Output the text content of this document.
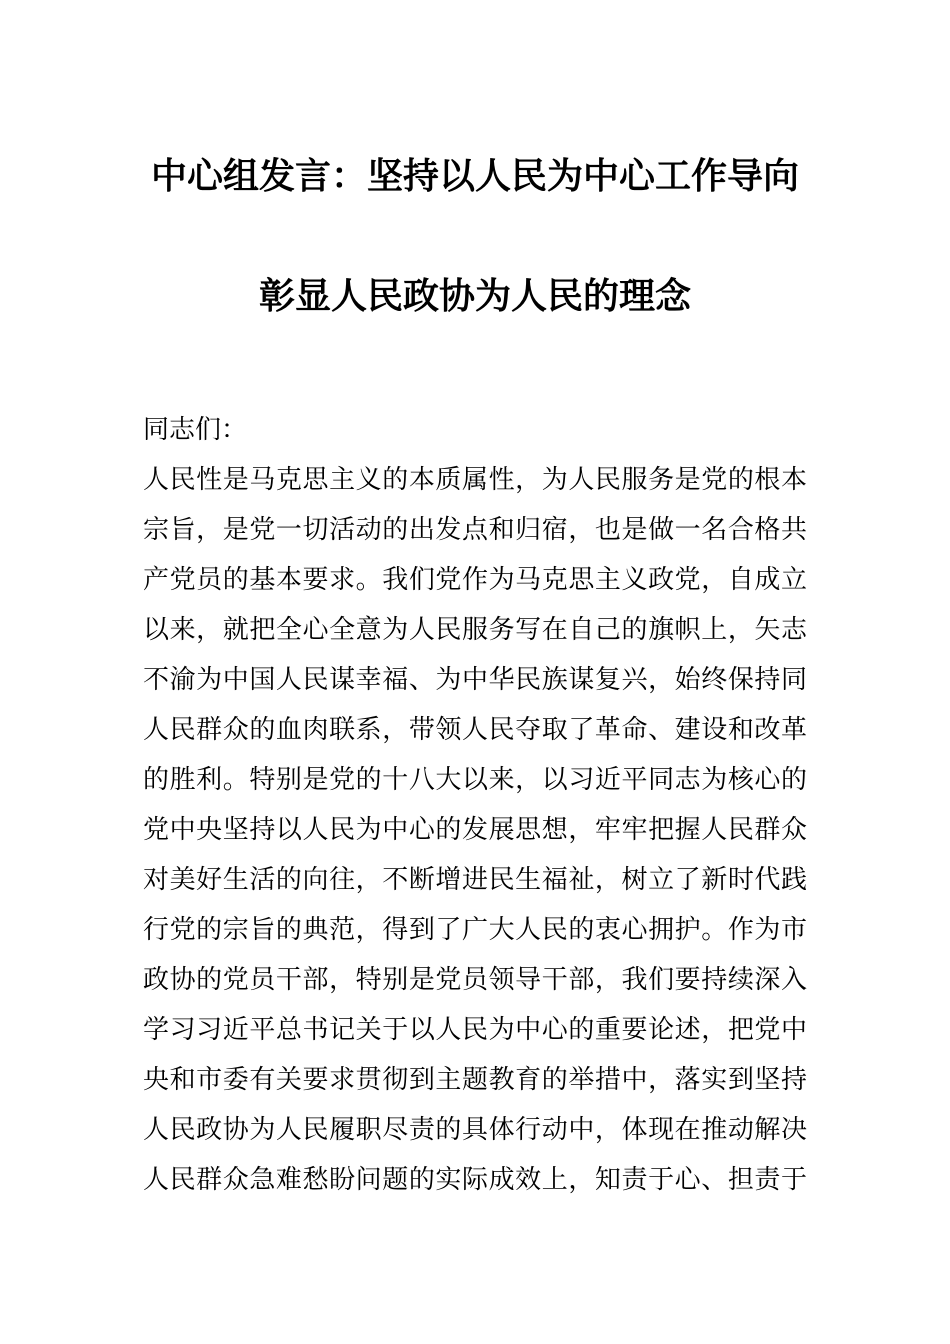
中心组发言：坚持以人民为中心工作导向
彰显人民政协为人民的理念
同志们：
人民性是马克思主义的本质属性，为人民服务是党的根本
宗旨，是党一切活动的出发点和归宿，也是做一名合格共
产党员的基本要求。我们党作为马克思主义政党，自成立
以来，就把全心全意为人民服务写在自己的旗帜上，矢志
不渝为中国人民谋幸福、为中华民族谋复兴，始终保持同
人民群众的血肉联系，带领人民夺取了革命、建设和改革
的胜利。特别是党的十八大以来，以习近平同志为核心的
党中央坚持以人民为中心的发展思想，牢牢把握人民群众
对美好生活的向往，不断增进民生福祉，树立了新时代践
行党的宗旨的典范，得到了广大人民的衷心拥护。作为市
政协的党员干部，特别是党员领导干部，我们要持续深入
学习习近平总书记关于以人民为中心的重要论述，把党中
央和市委有关要求贯彻到主题教育的举措中，落实到坚持
人民政协为人民履职尽责的具体行动中，体现在推动解决
人民群众急难愁盼问题的实际成效上，知责于心、担责于
